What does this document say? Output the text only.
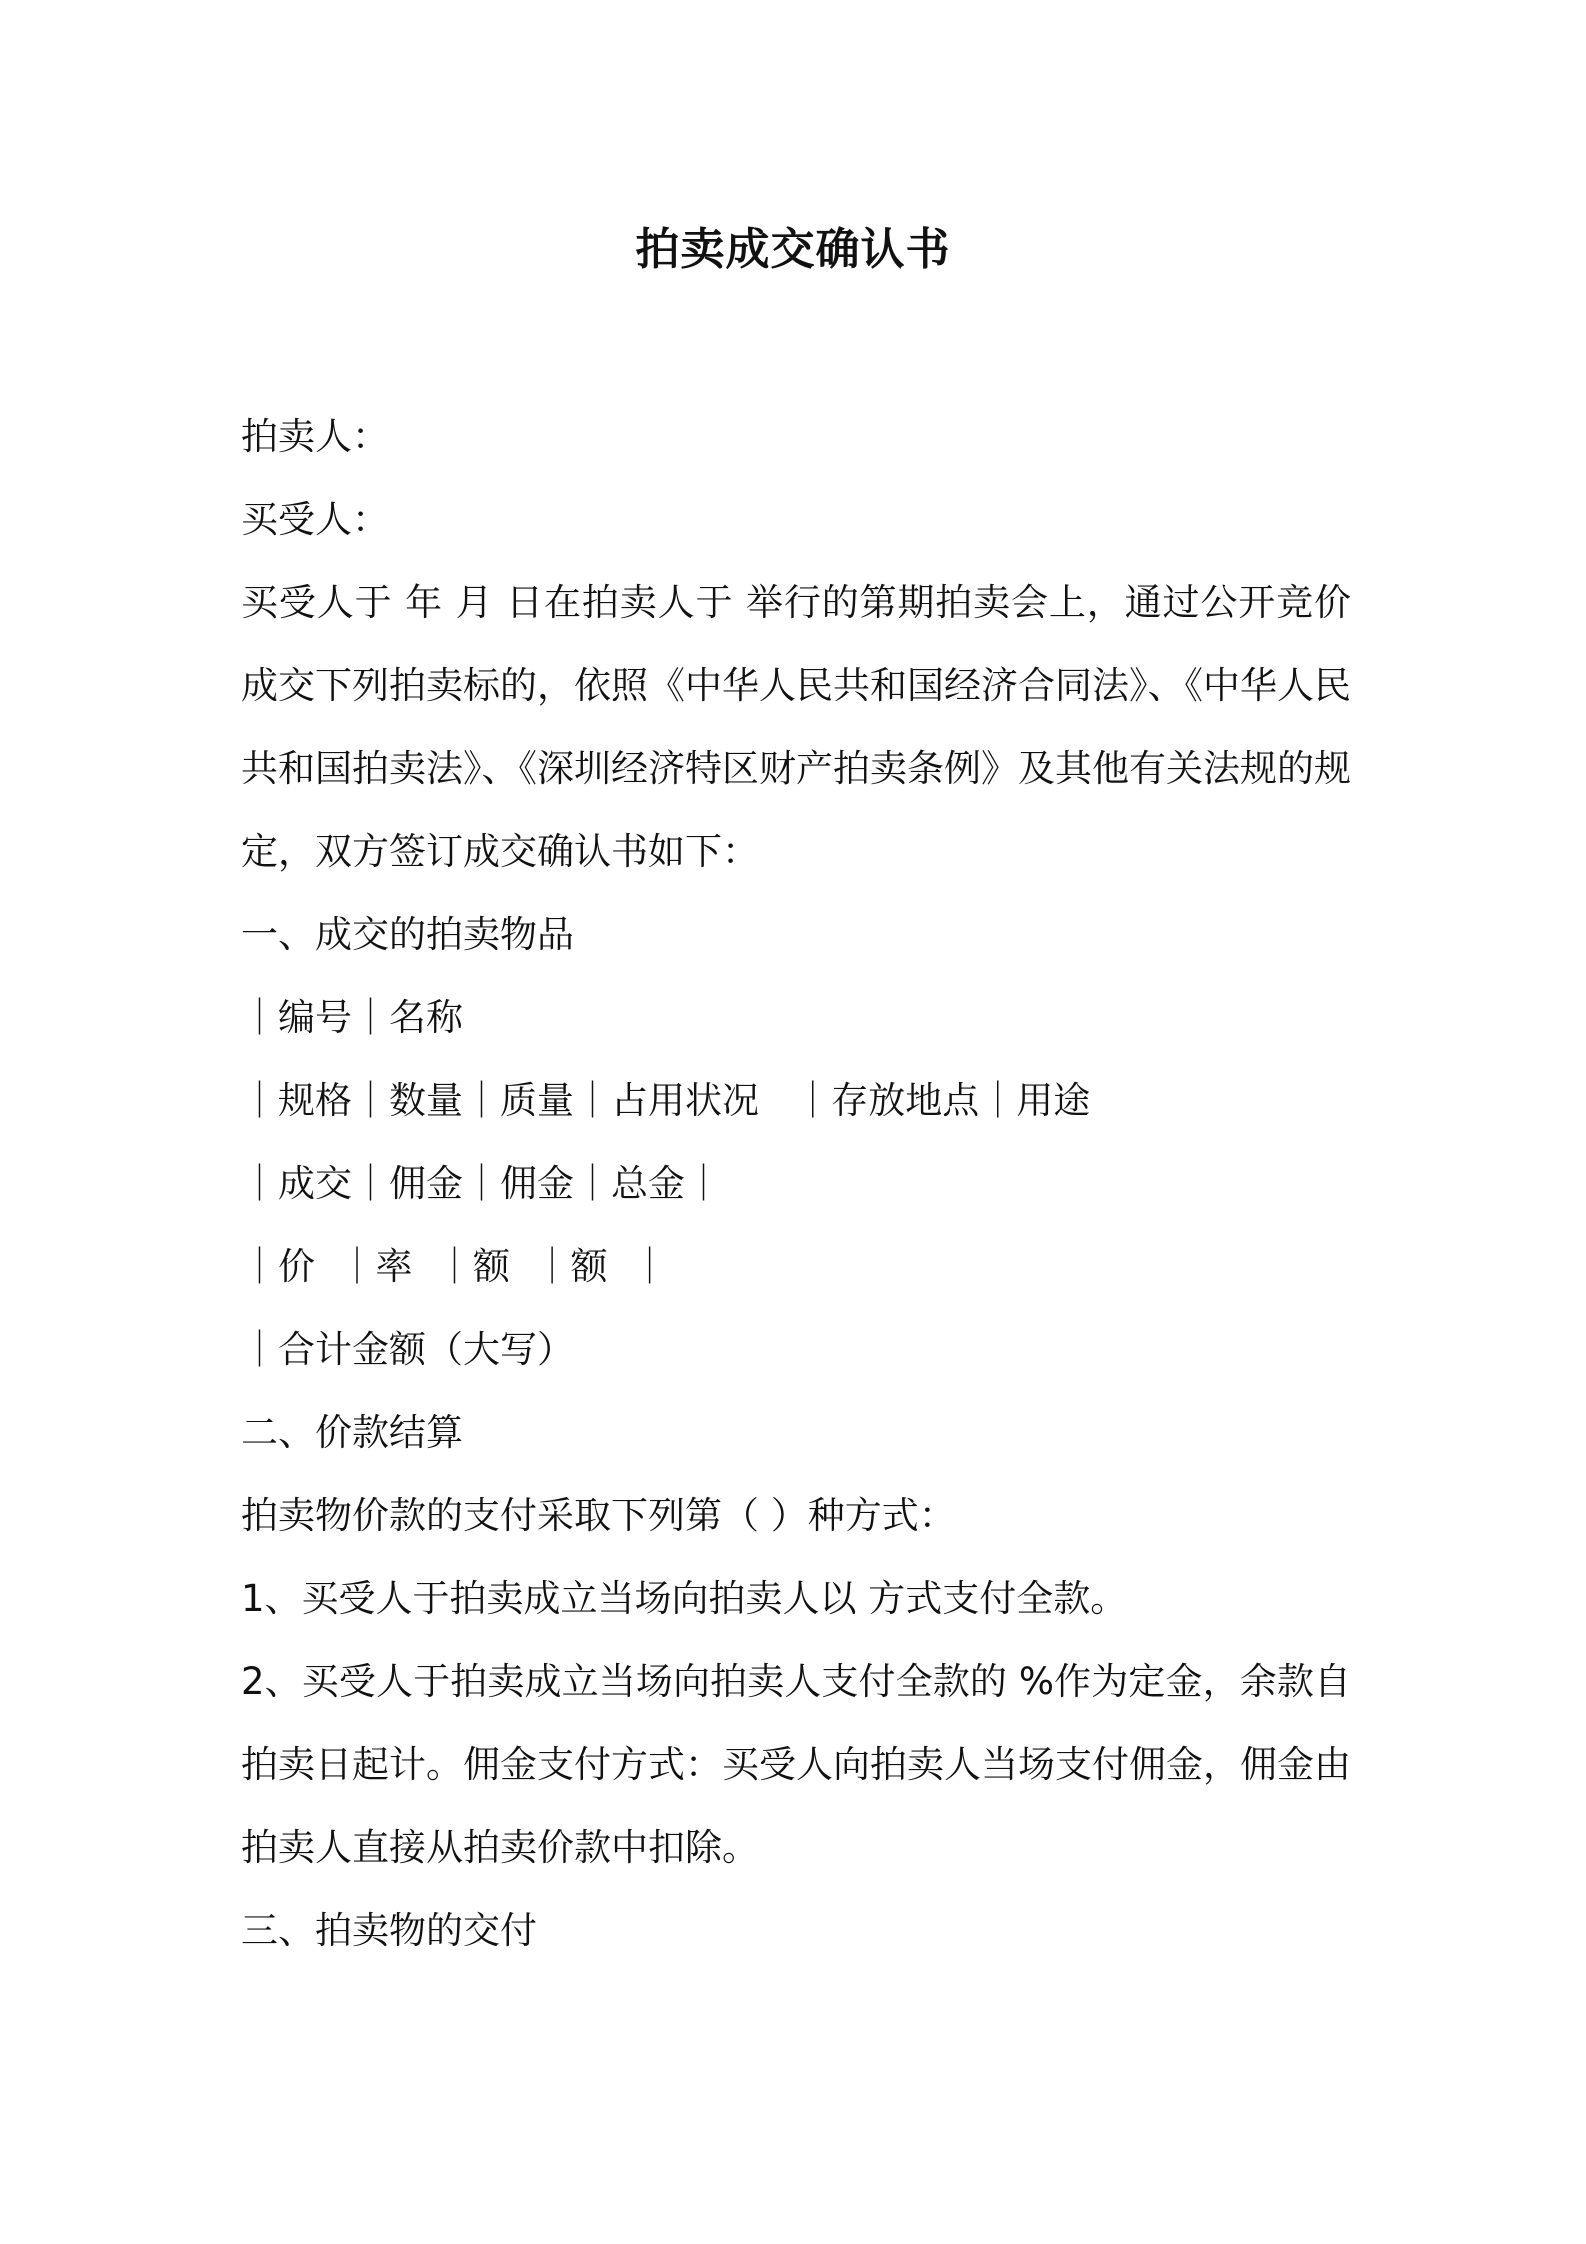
拍卖成交确认书
拍卖人：
买受人：
买受人于 年 月 日在拍卖人于 举行的第期拍卖会上，通过公开竞价成交下列拍卖标的，依照《中华人民共和国经济合同法》、《中华人民共和国拍卖法》、《深圳经济特区财产拍卖条例》及其他有关法规的规定，双方签订成交确认书如下：
一、成交的拍卖物品
｜编号｜名称
｜规格｜数量｜质量｜占用状况   ｜存放地点｜用途
｜成交｜佣金｜佣金｜总金｜
｜价  ｜率  ｜额  ｜额  ｜
｜合计金额（大写）
二、价款结算
拍卖物价款的支付采取下列第（ ）种方式：
1、买受人于拍卖成立当场向拍卖人以 方式支付全款。
2、买受人于拍卖成立当场向拍卖人支付全款的 %作为定金，余款自拍卖日起计。佣金支付方式：买受人向拍卖人当场支付佣金，佣金由拍卖人直接从拍卖价款中扣除。
三、拍卖物的交付
